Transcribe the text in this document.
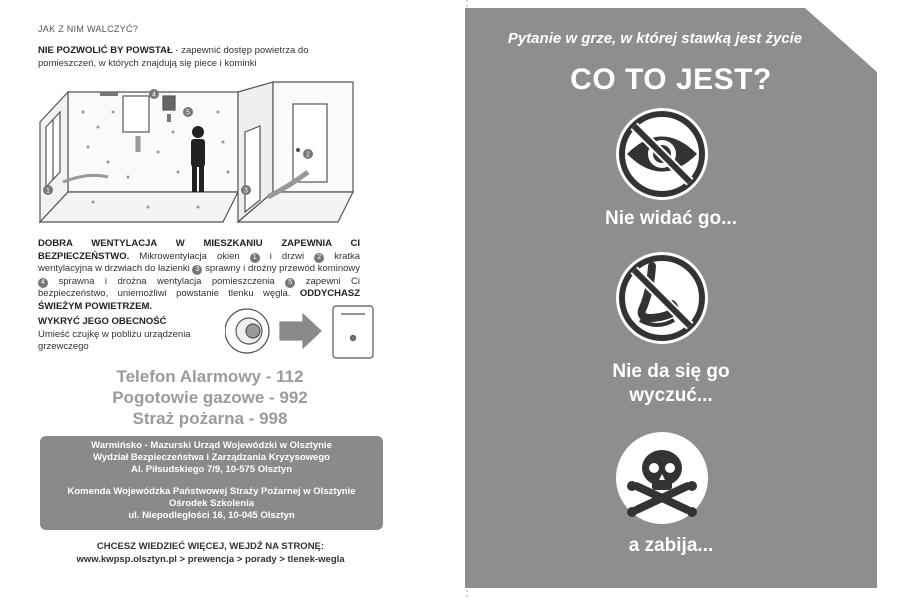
JAK Z NIM WALCZYĆ?
NIE POZWOLIĆ BY POWSTAŁ - zapewnić dostęp powietrza do pomieszczeń, w których znajdują się piece i kominki
1
2
3
4
5
DOBRA WENTYLACJA W MIESZKANIU ZAPEWNIA CI BEZPIECZEŃSTWO. Mikrowentylacja okien 1 i drzwi 2 kratka wentylacyjna w drzwiach do łazienki 3 sprawny i drożny przewód kominowy 4 sprawna i drożna wentylacja pomieszczenia 5 zapewni Ci bezpieczeństwo, uniemożliwi powstanie tlenku węgla. ODDYCHASZ ŚWIEŻYM POWIETRZEM.
WYKRYĆ JEGO OBECNOŚĆ
Umieść czujkę w pobliżu urządzenia grzewczego
Telefon Alarmowy - 112
Pogotowie gazowe - 992
Straż pożarna - 998
Warmińsko - Mazurski Urząd Wojewódzki w Olsztynie
Wydział Bezpieczeństwa i Zarządzania Kryzysowego
Al. Piłsudskiego 7/9, 10-575 Olsztyn
Komenda Wojewódzka Państwowej Straży Pożarnej w Olsztynie
Ośrodek Szkolenia
ul. Niepodległości 16, 10-045 Olsztyn
CHCESZ WIEDZIEĆ WIĘCEJ, WEJDŹ NA STRONĘ:
www.kwpsp.olsztyn.pl > prewencja > porady > tlenek-wegla
Pytanie w grze, w której stawką jest życie
CO TO JEST?
Nie widać go...
Nie da się go
wyczuć...
a zabija...
